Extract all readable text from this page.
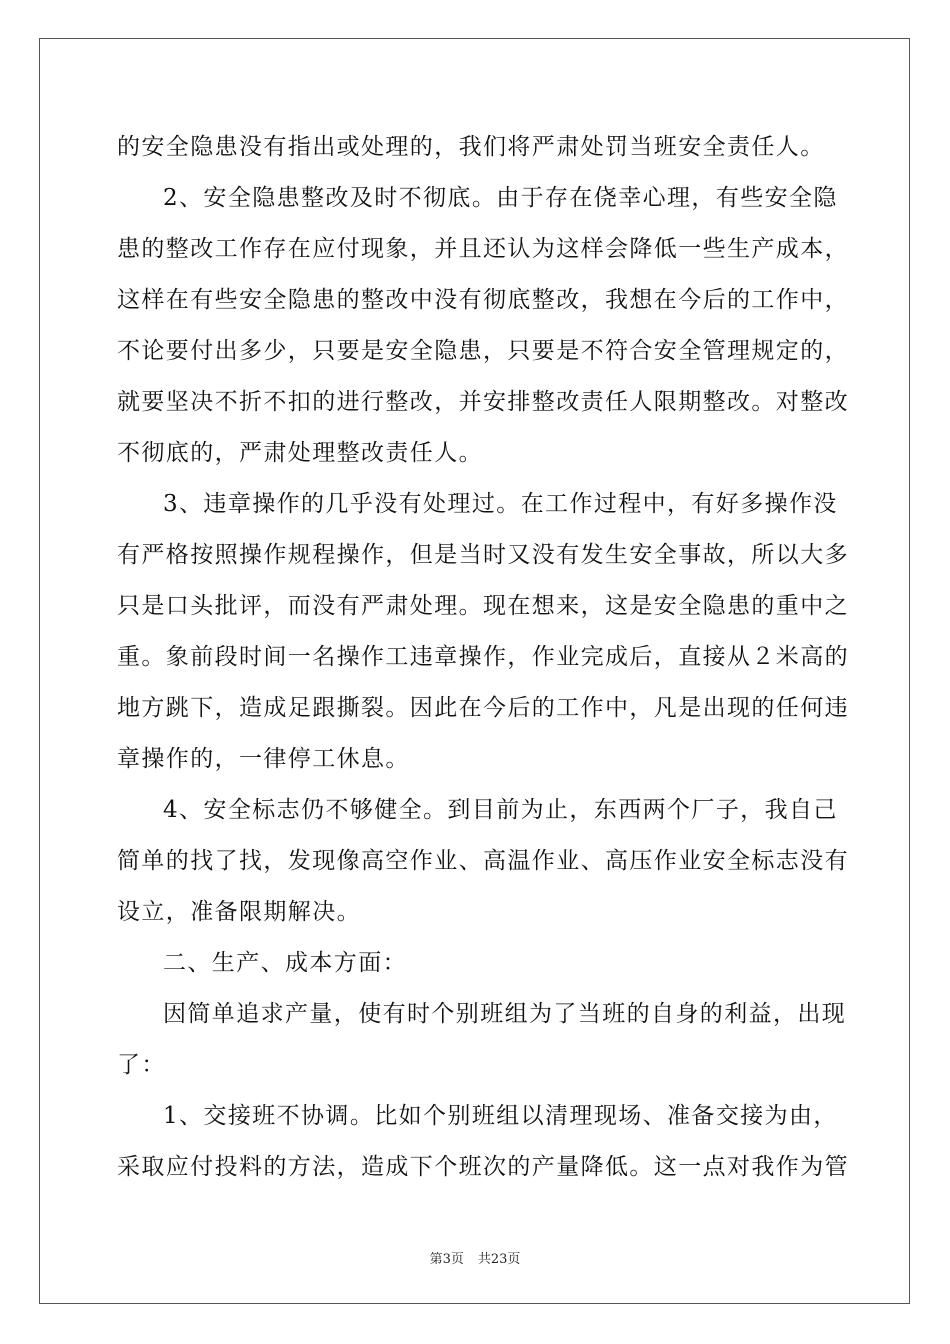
的安全隐患没有指出或处理的，我们将严肃处罚当班安全责任人。
2、安全隐患整改及时不彻底。由于存在侥幸心理，有些安全隐
患的整改工作存在应付现象，并且还认为这样会降低一些生产成本，
这样在有些安全隐患的整改中没有彻底整改，我想在今后的工作中，
不论要付出多少，只要是安全隐患，只要是不符合安全管理规定的，
就要坚决不折不扣的进行整改，并安排整改责任人限期整改。对整改
不彻底的，严肃处理整改责任人。
3、违章操作的几乎没有处理过。在工作过程中，有好多操作没
有严格按照操作规程操作，但是当时又没有发生安全事故，所以大多
只是口头批评，而没有严肃处理。现在想来，这是安全隐患的重中之
重。象前段时间一名操作工违章操作，作业完成后，直接从２米高的
地方跳下，造成足跟撕裂。因此在今后的工作中，凡是出现的任何违
章操作的，一律停工休息。
4、安全标志仍不够健全。到目前为止，东西两个厂子，我自己
简单的找了找，发现像高空作业、高温作业、高压作业安全标志没有
设立，准备限期解决。
二、生产、成本方面：
因简单追求产量，使有时个别班组为了当班的自身的利益，出现
了：
1、交接班不协调。比如个别班组以清理现场、准备交接为由，
采取应付投料的方法，造成下个班次的产量降低。这一点对我作为管
第3页 共23页
